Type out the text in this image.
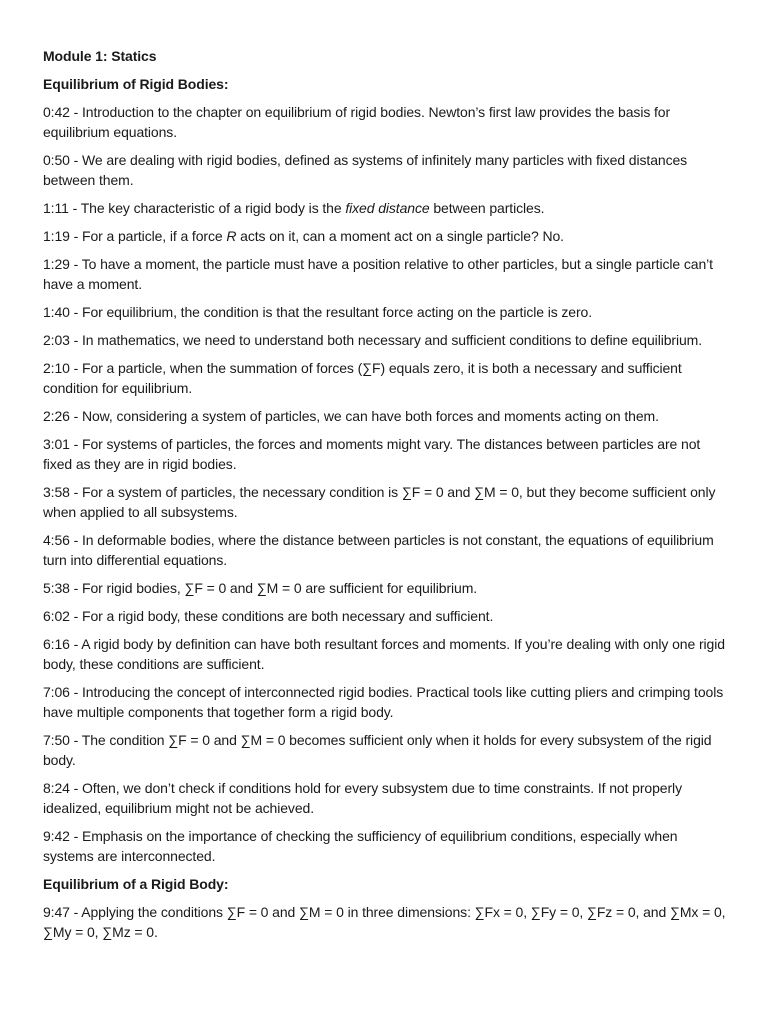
Module 1: Statics

Equilibrium of Rigid Bodies:

0:42 - Introduction to the chapter on equilibrium of rigid bodies. Newton’s first law provides the basis for equilibrium equations.

0:50 - We are dealing with rigid bodies, defined as systems of infinitely many particles with fixed distances between them.

1:11 - The key characteristic of a rigid body is the fixed distance between particles.

1:19 - For a particle, if a force R acts on it, can a moment act on a single particle? No.

1:29 - To have a moment, the particle must have a position relative to other particles, but a single particle can’t have a moment.

1:40 - For equilibrium, the condition is that the resultant force acting on the particle is zero.

2:03 - In mathematics, we need to understand both necessary and sufficient conditions to define equilibrium.

2:10 - For a particle, when the summation of forces (∑F) equals zero, it is both a necessary and sufficient condition for equilibrium.

2:26 - Now, considering a system of particles, we can have both forces and moments acting on them.

3:01 - For systems of particles, the forces and moments might vary. The distances between particles are not fixed as they are in rigid bodies.

3:58 - For a system of particles, the necessary condition is ∑F = 0 and ∑M = 0, but they become sufficient only when applied to all subsystems.

4:56 - In deformable bodies, where the distance between particles is not constant, the equations of equilibrium turn into differential equations.

5:38 - For rigid bodies, ∑F = 0 and ∑M = 0 are sufficient for equilibrium.

6:02 - For a rigid body, these conditions are both necessary and sufficient.

6:16 - A rigid body by definition can have both resultant forces and moments. If you’re dealing with only one rigid body, these conditions are sufficient.

7:06 - Introducing the concept of interconnected rigid bodies. Practical tools like cutting pliers and crimping tools have multiple components that together form a rigid body.

7:50 - The condition ∑F = 0 and ∑M = 0 becomes sufficient only when it holds for every subsystem of the rigid body.

8:24 - Often, we don’t check if conditions hold for every subsystem due to time constraints. If not properly idealized, equilibrium might not be achieved.

9:42 - Emphasis on the importance of checking the sufficiency of equilibrium conditions, especially when systems are interconnected.

Equilibrium of a Rigid Body:

9:47 - Applying the conditions ∑F = 0 and ∑M = 0 in three dimensions: ∑Fx = 0, ∑Fy = 0, ∑Fz = 0, and ∑Mx = 0, ∑My = 0, ∑Mz = 0.
